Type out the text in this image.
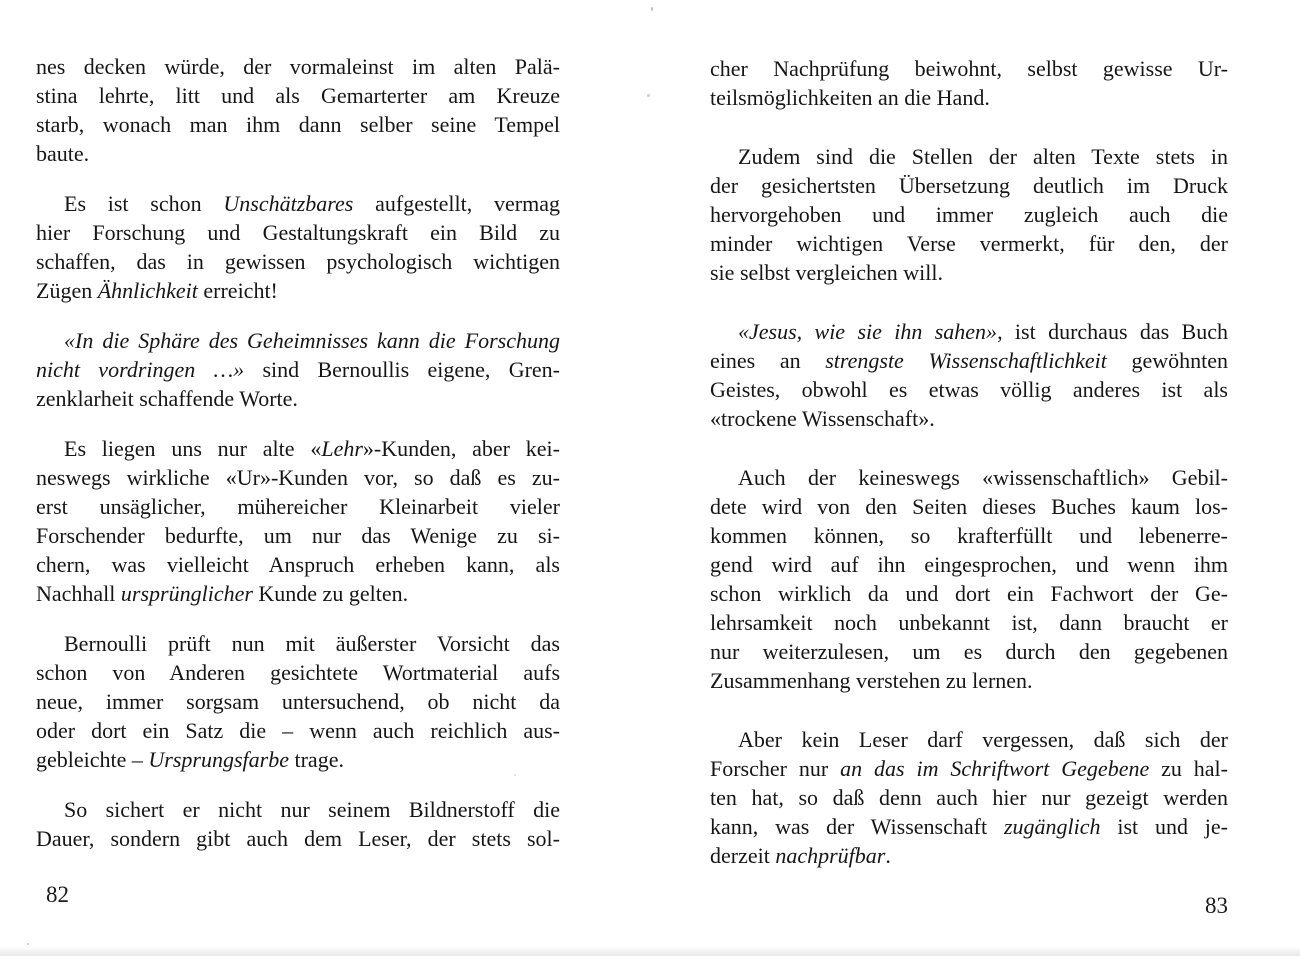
nes decken würde, der vormaleinst im alten Palä-
stina lehrte, litt und als Gemarterter am Kreuze
starb, wonach man ihm dann selber seine Tempel
baute.
Es ist schon Unschätzbares aufgestellt, vermag
hier Forschung und Gestaltungskraft ein Bild zu
schaffen, das in gewissen psychologisch wichtigen
Zügen Ähnlichkeit erreicht!
«In die Sphäre des Geheimnisses kann die Forschung
nicht vordringen …» sind Bernoullis eigene, Gren-
zenklarheit schaffende Worte.
Es liegen uns nur alte «Lehr»-Kunden, aber kei-
neswegs wirkliche «Ur»-Kunden vor, so daß es zu-
erst unsäglicher, mühereicher Kleinarbeit vieler
Forschender bedurfte, um nur das Wenige zu si-
chern, was vielleicht Anspruch erheben kann, als
Nachhall ursprünglicher Kunde zu gelten.
Bernoulli prüft nun mit äußerster Vorsicht das
schon von Anderen gesichtete Wortmaterial aufs
neue, immer sorgsam untersuchend, ob nicht da
oder dort ein Satz die – wenn auch reichlich aus-
gebleichte – Ursprungsfarbe trage.
So sichert er nicht nur seinem Bildnerstoff die
Dauer, sondern gibt auch dem Leser, der stets sol-
cher Nachprüfung beiwohnt, selbst gewisse Ur-
teilsmöglichkeiten an die Hand.
Zudem sind die Stellen der alten Texte stets in
der gesichertsten Übersetzung deutlich im Druck
hervorgehoben und immer zugleich auch die
minder wichtigen Verse vermerkt, für den, der
sie selbst vergleichen will.
«Jesus, wie sie ihn sahen», ist durchaus das Buch
eines an strengste Wissenschaftlichkeit gewöhnten
Geistes, obwohl es etwas völlig anderes ist als
«trockene Wissenschaft».
Auch der keineswegs «wissenschaftlich» Gebil-
dete wird von den Seiten dieses Buches kaum los-
kommen können, so krafterfüllt und lebenerre-
gend wird auf ihn eingesprochen, und wenn ihm
schon wirklich da und dort ein Fachwort der Ge-
lehrsamkeit noch unbekannt ist, dann braucht er
nur weiterzulesen, um es durch den gegebenen
Zusammenhang verstehen zu lernen.
Aber kein Leser darf vergessen, daß sich der
Forscher nur an das im Schriftwort Gegebene zu hal-
ten hat, so daß denn auch hier nur gezeigt werden
kann, was der Wissenschaft zugänglich ist und je-
derzeit nachprüfbar.
82	83
